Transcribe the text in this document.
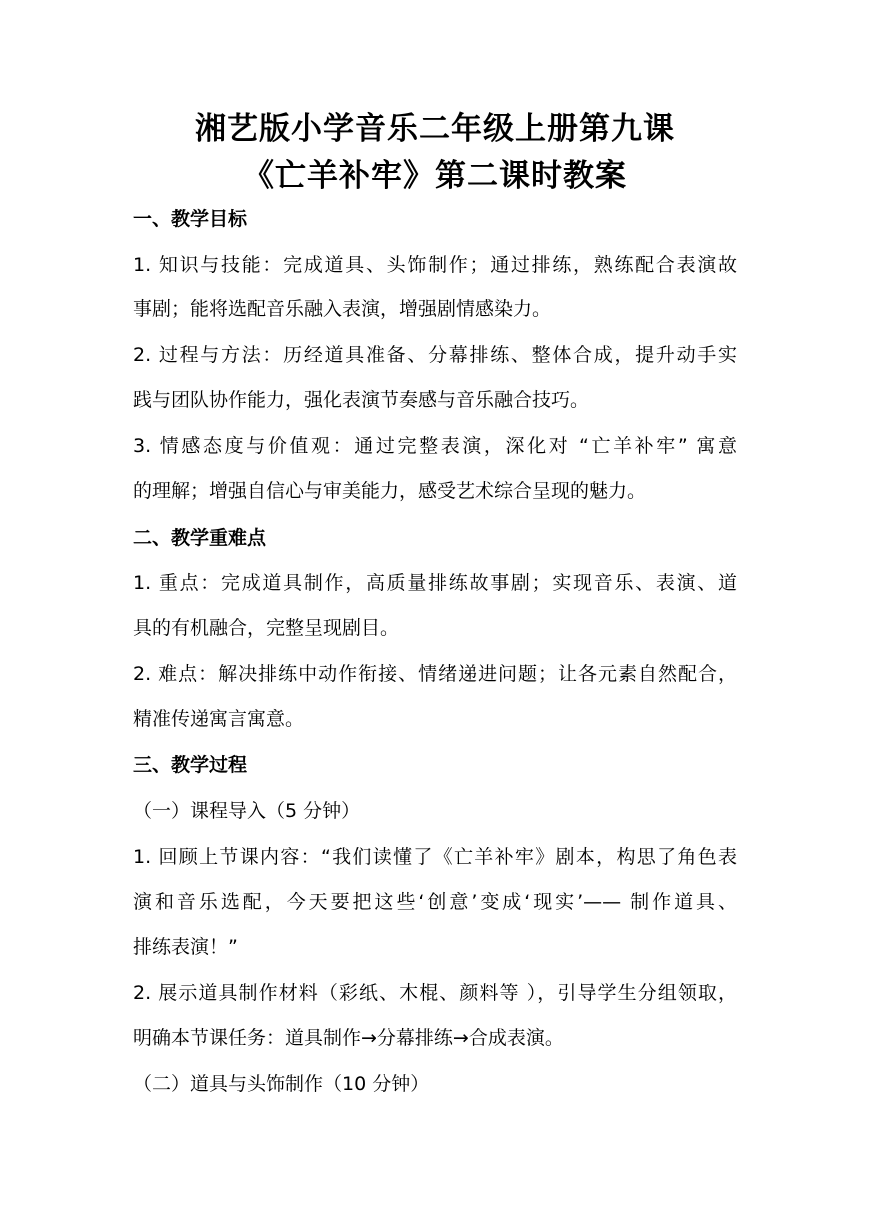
湘艺版小学音乐二年级上册第九课
《亡羊补牢》第二课时教案
一、教学目标
1. 知识与技能：完成道具、头饰制作；通过排练，熟练配合表演故
事剧；能将选配音乐融入表演，增强剧情感染力。
2. 过程与方法：历经道具准备、分幕排练、整体合成，提升动手实
践与团队协作能力，强化表演节奏感与音乐融合技巧。
3. 情感态度与价值观：通过完整表演，深化对 “亡羊补牢” 寓意
的理解；增强自信心与审美能力，感受艺术综合呈现的魅力。
二、教学重难点
1. 重点：完成道具制作，高质量排练故事剧；实现音乐、表演、道
具的有机融合，完整呈现剧目。
2. 难点：解决排练中动作衔接、情绪递进问题；让各元素自然配合，
精准传递寓言寓意。
三、教学过程
（一）课程导入（5 分钟）
1. 回顾上节课内容：“我们读懂了《亡羊补牢》剧本，构思了角色表
演和音乐选配，今天要把这些‘创意’变成‘现实’—— 制作道具、
排练表演！”
2. 展示道具制作材料（彩纸、木棍、颜料等 ），引导学生分组领取，
明确本节课任务：道具制作→分幕排练→合成表演。
（二）道具与头饰制作（10 分钟）
